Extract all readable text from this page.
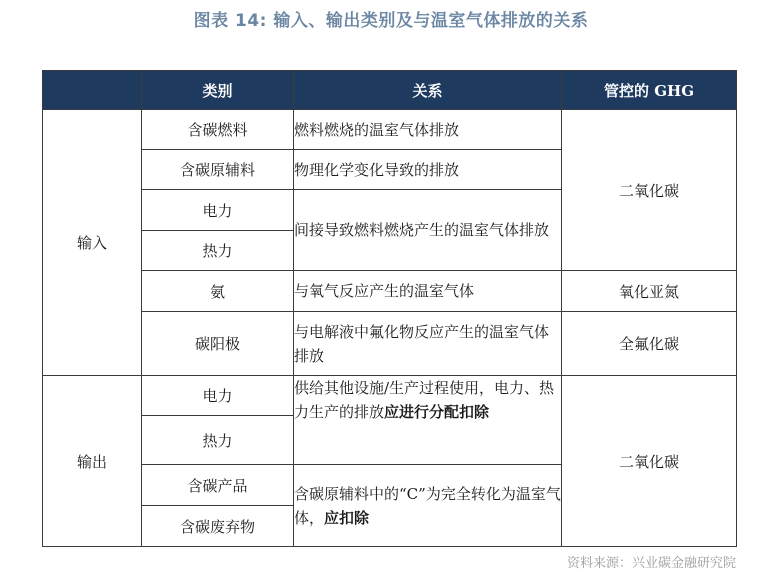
图表 14: 输入、输出类别及与温室气体排放的关系
	类别	关系	管控的 GHG
输入	含碳燃料	燃料燃烧的温室气体排放	二氧化碳
	含碳原辅料	物理化学变化导致的排放	
	电力	间接导致燃料燃烧产生的温室气体排放	
	热力		
	氨	与氧气反应产生的温室气体	氧化亚氮
	碳阳极	与电解液中氟化物反应产生的温室气体排放	全氟化碳
输出	电力	供给其他设施/生产过程使用，电力、热力生产的排放应进行分配扣除	二氧化碳
	热力		
	含碳产品	含碳原辅料中的“C”为完全转化为温室气体，应扣除	
	含碳废弃物		
资料来源：兴业碳金融研究院
